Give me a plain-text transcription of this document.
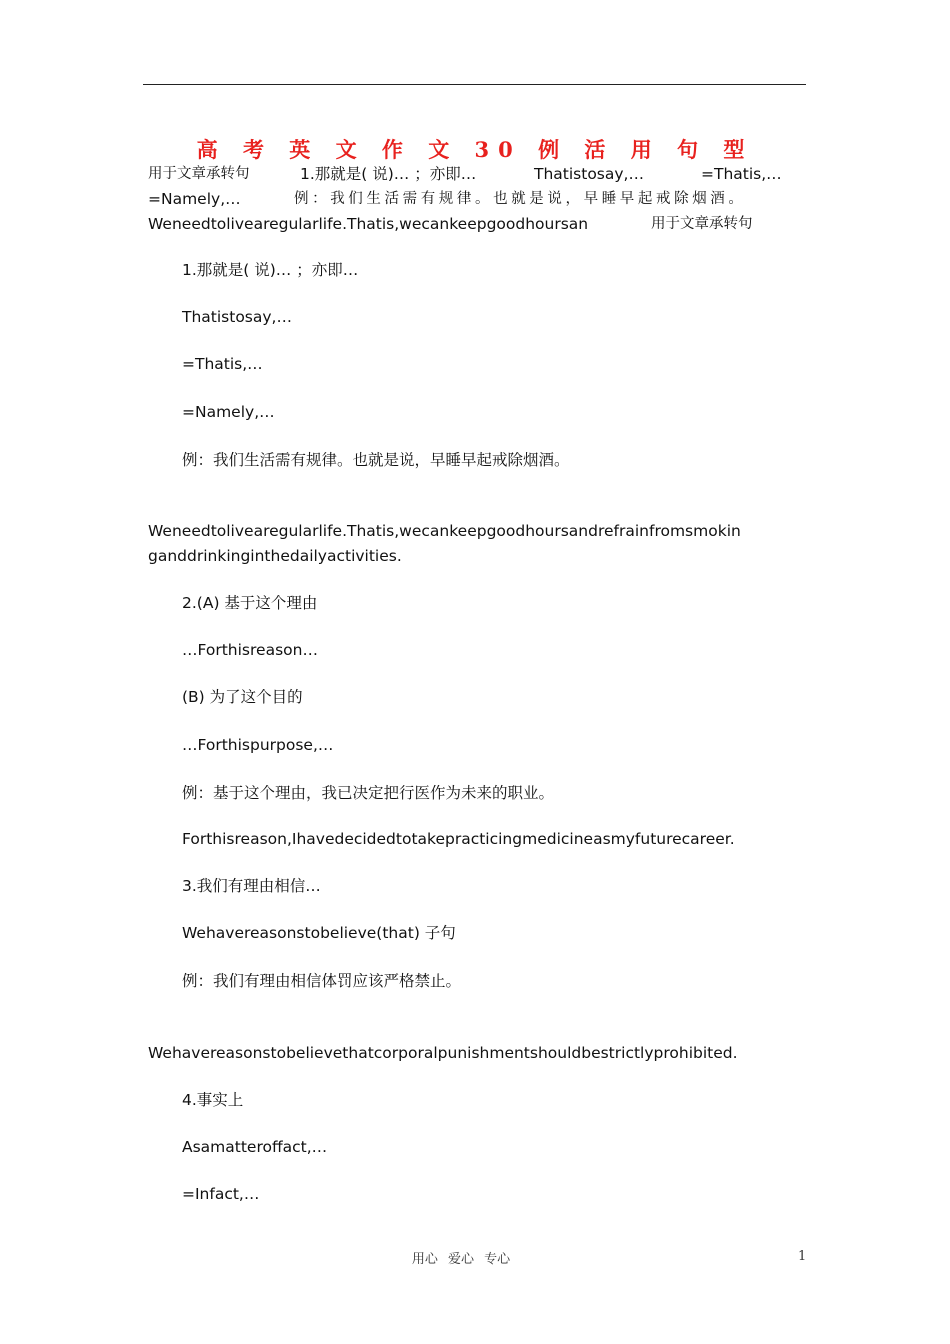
高 考 英 文 作 文 30 例 活 用 句 型
用于文章承转句	1.那就是( 说)… ；亦即…	Thatistosay,…	=Thatis,…
=Namely,…	例：我们生活需有规律。也就是说，早睡早起戒除烟酒。
Weneedtolivearegularlife.Thatis,wecankeepgoodhoursan	用于文章承转句
1.那就是( 说)… ；亦即…
Thatistosay,…
=Thatis,…
=Namely,…
例：我们生活需有规律。也就是说，早睡早起戒除烟酒。
Weneedtolivearegularlife.Thatis,wecankeepgoodhoursandrefrainfromsmokin
ganddrinkinginthedailyactivities.
2.(A) 基于这个理由
…Forthisreason…
(B) 为了这个目的
…Forthispurpose,…
例：基于这个理由，我已决定把行医作为未来的职业。
Forthisreason,Ihavedecidedtotakepracticingmedicineasmyfuturecareer.
3.我们有理由相信…
Wehavereasonstobelieve(that) 子句
例：我们有理由相信体罚应该严格禁止。
Wehavereasonstobelievethatcorporalpunishmentshouldbestrictlyprohibited.
4.事实上
Asamatteroffact,…
=Infact,…
用心 爱心 专心	1
